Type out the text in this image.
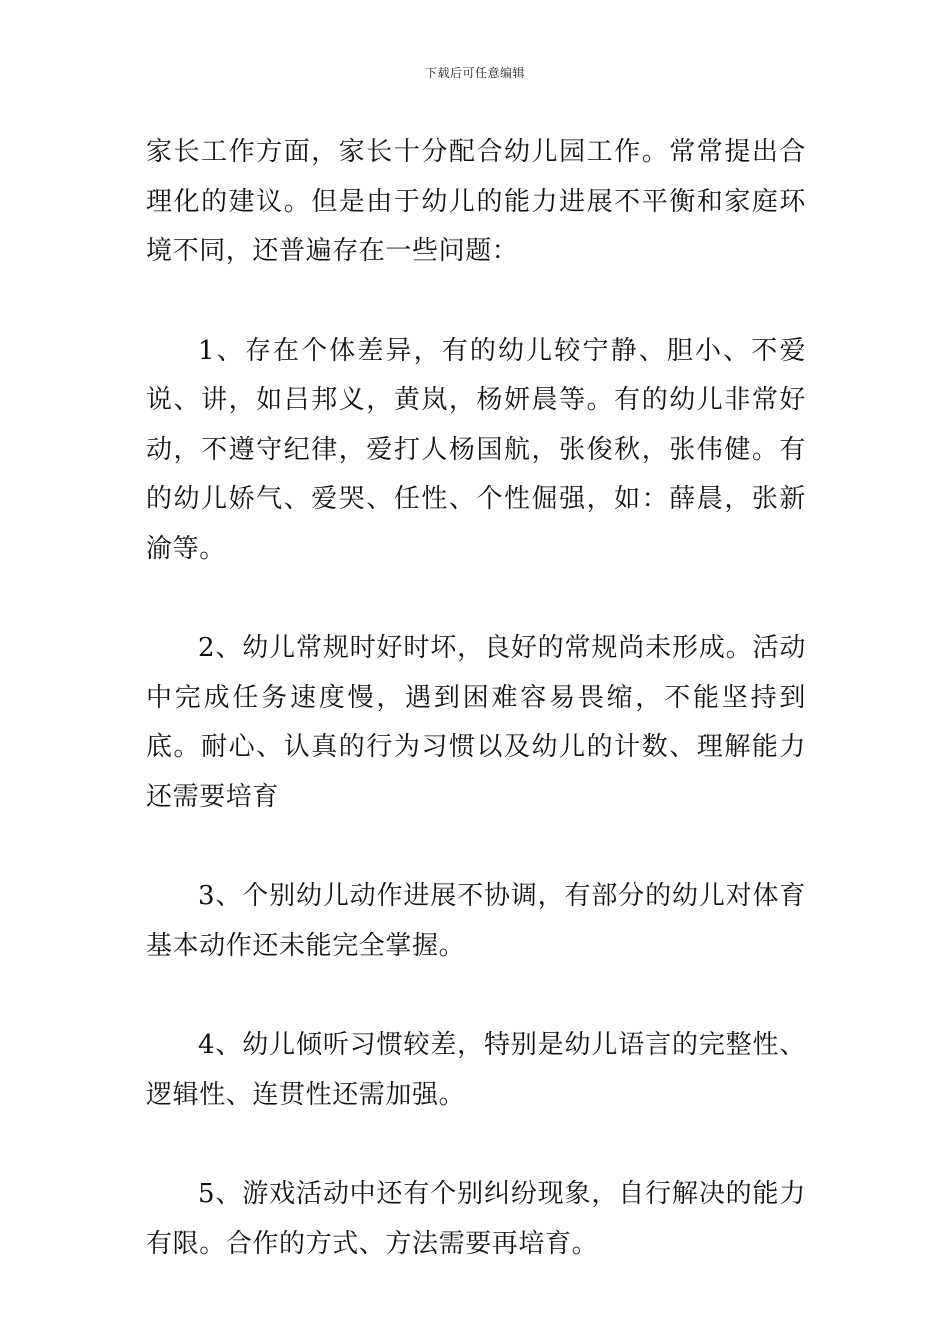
下载后可任意编辑

家长工作方面，家长十分配合幼儿园工作。常常提出合理化的建议。但是由于幼儿的能力进展不平衡和家庭环境不同，还普遍存在一些问题：

1、存在个体差异，有的幼儿较宁静、胆小、不爱说、讲，如吕邦义，黄岚，杨妍晨等。有的幼儿非常好动，不遵守纪律，爱打人杨国航，张俊秋，张伟健。有的幼儿娇气、爱哭、任性、个性倔强，如：薛晨，张新渝等。

2、幼儿常规时好时坏，良好的常规尚未形成。活动中完成任务速度慢，遇到困难容易畏缩，不能坚持到底。耐心、认真的行为习惯以及幼儿的计数、理解能力还需要培育

3、个别幼儿动作进展不协调，有部分的幼儿对体育基本动作还未能完全掌握。

4、幼儿倾听习惯较差，特别是幼儿语言的完整性、逻辑性、连贯性还需加强。

5、游戏活动中还有个别纠纷现象，自行解决的能力有限。合作的方式、方法需要再培育。
